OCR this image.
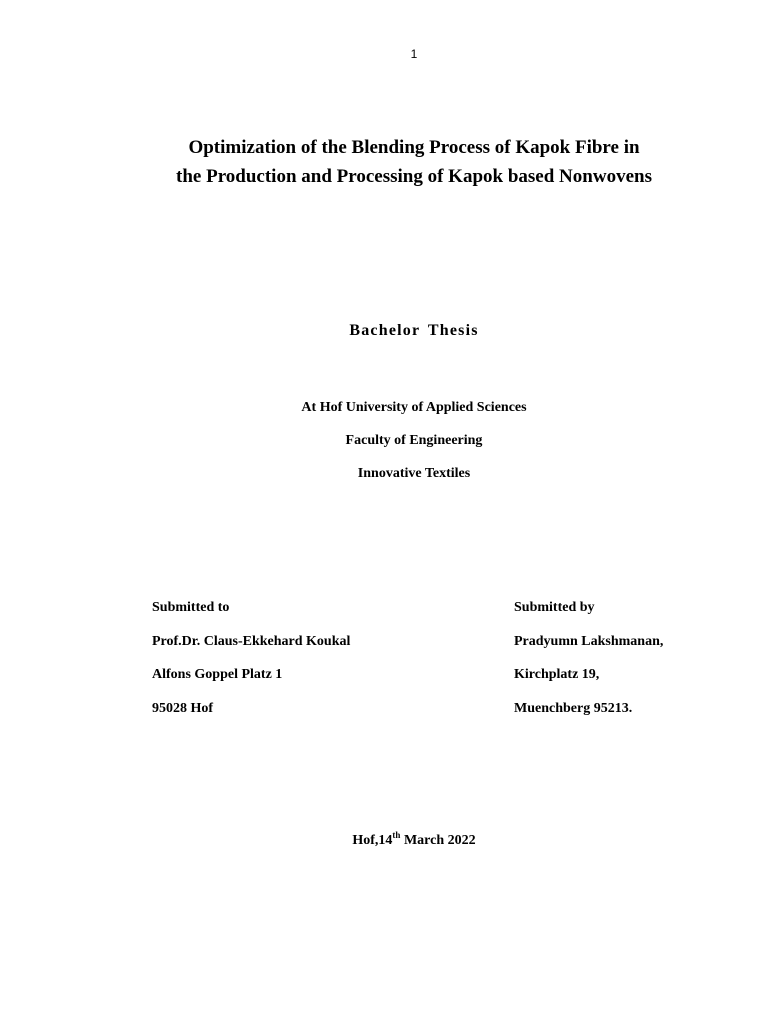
1
Optimization of the Blending Process of Kapok Fibre in
the Production and Processing of Kapok based Nonwovens
Bachelor Thesis
At Hof University of Applied Sciences
Faculty of Engineering
Innovative Textiles
Submitted to
Prof.Dr. Claus-Ekkehard Koukal
Alfons Goppel Platz 1
95028 Hof
Submitted by
Pradyumn Lakshmanan,
Kirchplatz 19,
Muenchberg 95213.
Hof,14th March 2022
